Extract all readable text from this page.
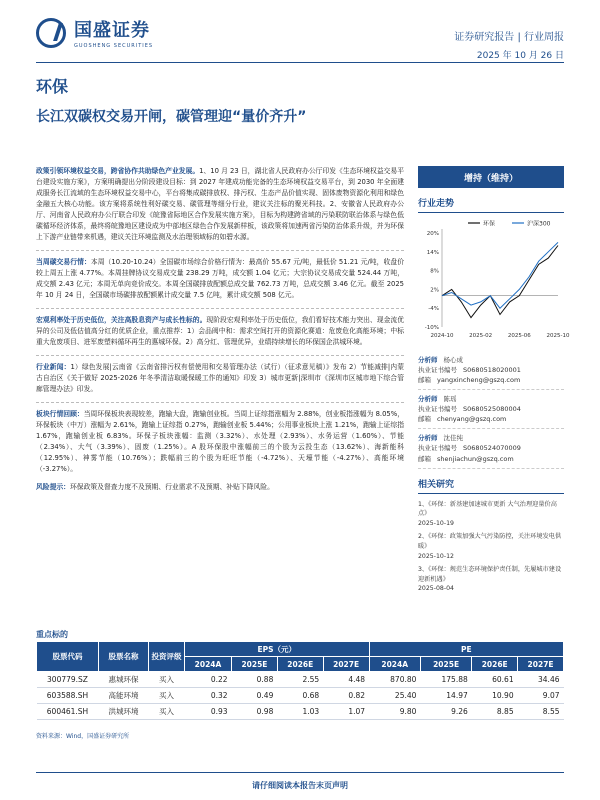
国盛证券
GUOSHENG SECURITIES
证券研究报告 | 行业周报
2025 年 10 月 26 日
环保
长江双碳权交易开闸，碳管理迎“量价齐升”
政策引领环境权益交易，跨省协作共助绿色产业发展。1、10 月 23 日，湖北省人民政府办公厅印发《生态环境权益交易平台建设实施方案》，方案明确提出分阶段建设目标：到 2027 年建成功能完备的生态环境权益交易平台，到 2030 年全面建成服务长江流域的生态环境权益交易中心，平台将集成碳排放权、排污权、生态产品价值实现、固体废物资源化利用和绿色金融五大核心功能。该方案将系统性利好碳交易、碳管理等细分行业，建议关注标的聚光科技。2、安徽省人民政府办公厅、河南省人民政府办公厅联合印发《皖豫省际地区合作发展实施方案》，目标为构建跨省域的污染联防联治体系与绿色低碳循环经济体系，最终将皖豫地区建设成为中部地区绿色合作发展新样板，该政策将加速两省污染防治体系升级，并为环保上下游产业链带来机遇，建议关注环境监测及水治理领域标的如碧水源。
当周碳交易行情：本周（10.20-10.24）全国碳市场综合价格行情为：最高价 55.67 元/吨，最低价 51.21 元/吨，收盘价较上周五上涨 4.77%。本周挂牌协议交易成交量 238.29 万吨，成交额 1.04 亿元；大宗协议交易成交量 524.44 万吨，成交额 2.43 亿元；本周无单向竞价成交。本周全国碳排放配额总成交量 762.73 万吨，总成交额 3.46 亿元。截至 2025 年 10 月 24 日，全国碳市场碳排放配额累计成交量 7.5 亿吨，累计成交额 508 亿元。
宏观利率处于历史低位，关注高股息资产与成长性标的。现阶段宏观利率处于历史低位，我们看好技术能力突出、现金流优异的公司及低估值高分红的优质企业，重点推荐：1）会品阀中和：需求空间打开的资源化赛道：危废危化高能环境；中标重大危废项目、进军废塑料循环再生的惠城环保。2）高分红、管理优异，业绩持续增长的环保国企洪城环境。
行业新闻：1）绿色发展|云南省《云南省排污权有偿使用和交易管理办法（试行）（征求意见稿）》发布 2）节能减排|内蒙古自治区《关于做好 2025-2026 年冬季清洁取暖保暖工作的通知》印发 3）城市更新|深圳市《深圳市区城市地下综合管廊管理办法》印发。
板块行情回顾：当周环保板块表现较差，跑输大盘，跑输创业板。当周上证综指涨幅为 2.88%，创业板指涨幅为 8.05%，环保板块（中万）涨幅为 2.61%，跑输上证综指 0.27%，跑输创业板 5.44%；公用事业板块上涨 1.21%，跑输上证综指 1.67%，跑输创业板 6.83%。环保子板块涨幅：监测（3.32%）、水处理（2.93%）、水务运营（1.60%）、节能（2.34%）、大气（3.39%）、固废（1.25%）。A 股环保股中涨幅前三的个股为云投生态（13.62%）、海新能科（12.95%）、神雾节能（10.76%）；跌幅前三的个股为旺旺节能（-4.72%）、天壕节能（-4.27%）、高能环境（-3.27%）。
风险提示：环保政策及督查力度不及预期、行业需求不及预期、补贴下降风险。
增持（维持）
行业走势
环保	沪深300
20%
14%
8%
2%
-4%
-10%
2024-10	2025-02	2025-06	2025-10
分析师 杨心成
执业证书编号 S0680518020001
邮箱 yangxincheng@gszq.com
分析师 陈瑶
执业证书编号 S0680525080004
邮箱 chenyang@gszq.com
分析师 沈佳纯
执业证书编号 S0680524070009
邮箱 shenjiachun@gszq.com
相关研究
1、《环保：新基建加速城市更新 大气治理迎量价高点》
2025-10-19
2、《环保：政策加强大气污染防控，关注环境发电供暖》
2025-10-12
3、《环保：规范生态环境保护责任制，先履城市建设迎新机遇》
2025-08-04
重点标的
股票代码	股票名称	投资评级	EPS（元）				PE			
			2024A	2025E	2026E	2027E	2024A	2025E	2026E	2027E
300779.SZ	惠城环保	买入	0.22	0.88	2.55	4.48	870.80	175.88	60.61	34.46
603588.SH	高能环境	买入	0.32	0.49	0.68	0.82	25.40	14.97	10.90	9.07
600461.SH	洪城环境	买入	0.93	0.98	1.03	1.07	9.80	9.26	8.85	8.55
资料来源：Wind，国盛证券研究所
请仔细阅读本报告末页声明
